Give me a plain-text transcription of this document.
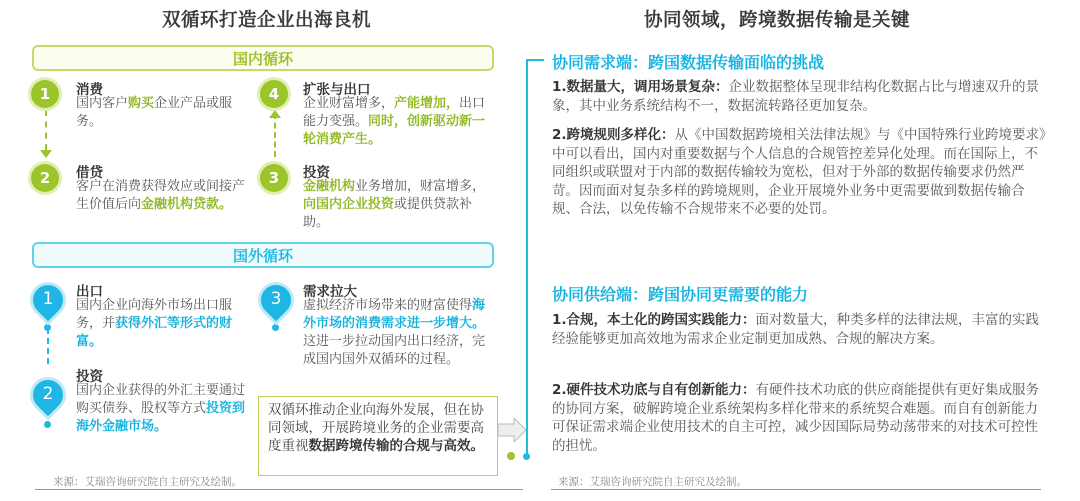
双循环打造企业出海良机
国内循环
1	消费
国内客户购买企业产品或服务。
2	借贷
客户在消费获得效应或间接产生价值后向金融机构贷款。
4	扩张与出口
企业财富增多，产能增加，出口能力变强。同时，创新驱动新一轮消费产生。
3	投资
金融机构业务增加，财富增多，向国内企业投资或提供贷款补助。
国外循环
1	出口
国内企业向海外市场出口服务，并获得外汇等形式的财富。
2
投资
国内企业获得的外汇主要通过购买债券、股权等方式投资到海外金融市场。
3	需求拉大
虚拟经济市场带来的财富使得海外市场的消费需求进一步增大。这进一步拉动国内出口经济，完成国内国外双循环的过程。
双循环推动企业向海外发展，但在协同领域，开展跨境业务的企业需要高度重视数据跨境传输的合规与高效。
来源：艾瑞咨询研究院自主研究及绘制。
协同领域，跨境数据传输是关键
协同需求端：跨国数据传输面临的挑战
1.数据量大，调用场景复杂：企业数据整体呈现非结构化数据占比与增速双升的景象，其中业务系统结构不一，数据流转路径更加复杂。
2.跨境规则多样化：从《中国数据跨境相关法律法规》与《中国特殊行业跨境要求》中可以看出，国内对重要数据与个人信息的合规管控差异化处理。而在国际上，不同组织或联盟对于内部的数据传输较为宽松，但对于外部的数据传输要求仍然严苛。因而面对复杂多样的跨境规则，企业开展境外业务中更需要做到数据传输合规、合法，以免传输不合规带来不必要的处罚。
协同供给端：跨国协同更需要的能力
1.合规，本土化的跨国实践能力：面对数量大，种类多样的法律法规，丰富的实践经验能够更加高效地为需求企业定制更加成熟、合规的解决方案。
2.硬件技术功底与自有创新能力：有硬件技术功底的供应商能提供有更好集成服务的协同方案，破解跨境企业系统架构多样化带来的系统契合难题。而自有创新能力可保证需求端企业使用技术的自主可控，减少因国际局势动荡带来的对技术可控性的担忧。
来源：艾瑞咨询研究院自主研究及绘制。
